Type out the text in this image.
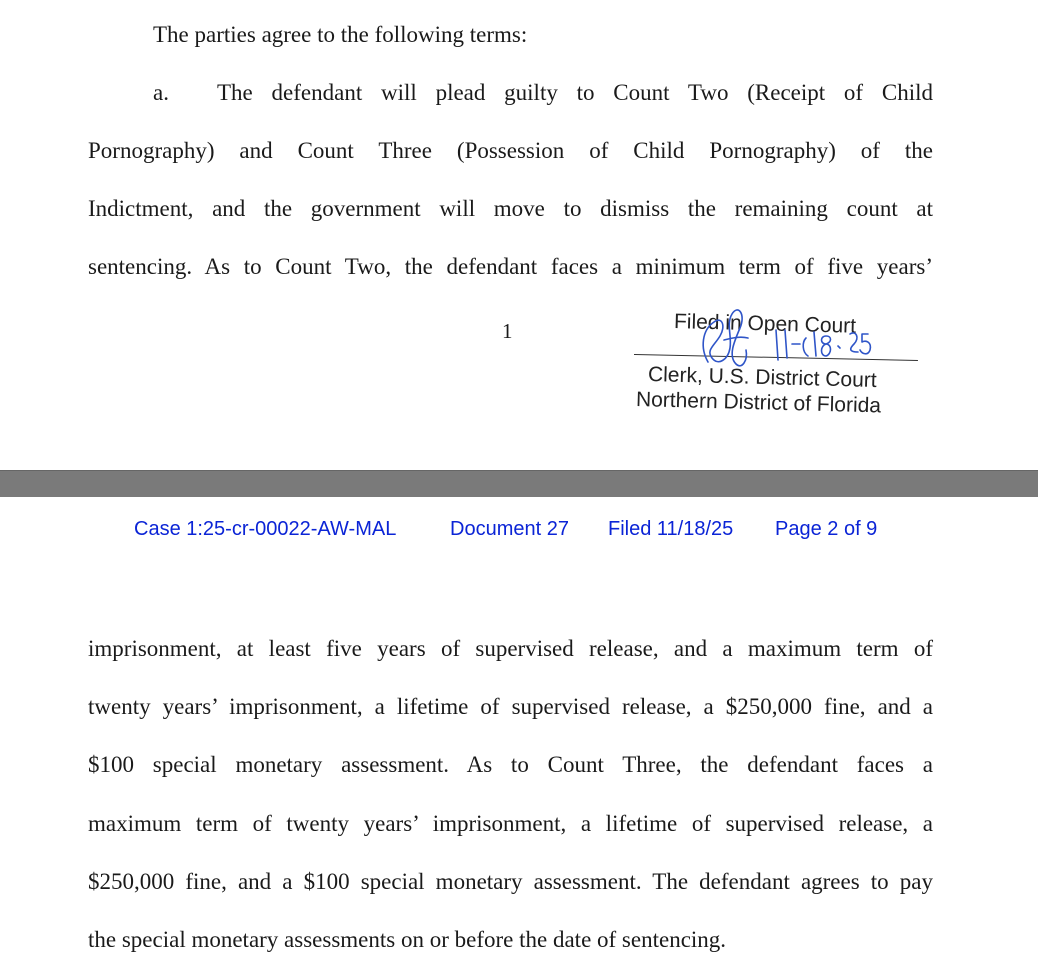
The parties agree to the following terms:
a. The defendant will plead guilty to Count Two (Receipt of Child
Pornography) and Count Three (Possession of Child Pornography) of the
Indictment, and the government will move to dismiss the remaining count at
sentencing. As to Count Two, the defendant faces a minimum term of five years’
1	Filed in Open Court
Clerk, U.S. District Court
Northern District of Florida
Case 1:25-cr-00022-AW-MAL	Document 27 Filed 11/18/25 Page 2 of 9
imprisonment, at least five years of supervised release, and a maximum term of
twenty years’ imprisonment, a lifetime of supervised release, a $250,000 fine, and a
$100 special monetary assessment. As to Count Three, the defendant faces a
maximum term of twenty years’ imprisonment, a lifetime of supervised release, a
$250,000 fine, and a $100 special monetary assessment. The defendant agrees to pay
the special monetary assessments on or before the date of sentencing.
